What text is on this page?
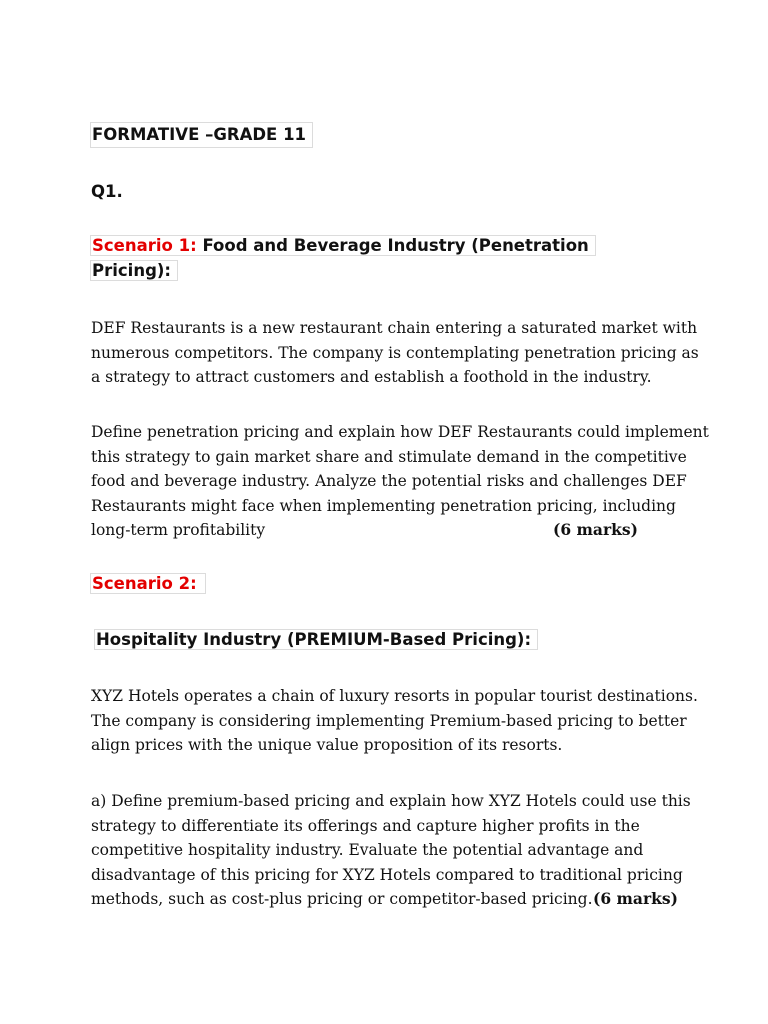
FORMATIVE –GRADE 11
Q1.
Scenario 1: Food and Beverage Industry (Penetration
Pricing):

DEF Restaurants is a new restaurant chain entering a saturated market with
numerous competitors. The company is contemplating penetration pricing as
a strategy to attract customers and establish a foothold in the industry.

Define penetration pricing and explain how DEF Restaurants could implement
this strategy to gain market share and stimulate demand in the competitive
food and beverage industry. Analyze the potential risks and challenges DEF
Restaurants might face when implementing penetration pricing, including
long-term profitability	(6 marks)

Scenario 2:
Hospitality Industry (PREMIUM-Based Pricing):

XYZ Hotels operates a chain of luxury resorts in popular tourist destinations.
The company is considering implementing Premium-based pricing to better
align prices with the unique value proposition of its resorts.

a) Define premium-based pricing and explain how XYZ Hotels could use this
strategy to differentiate its offerings and capture higher profits in the
competitive hospitality industry. Evaluate the potential advantage and
disadvantage of this pricing for XYZ Hotels compared to traditional pricing
methods, such as cost-plus pricing or competitor-based pricing. (6 marks)
